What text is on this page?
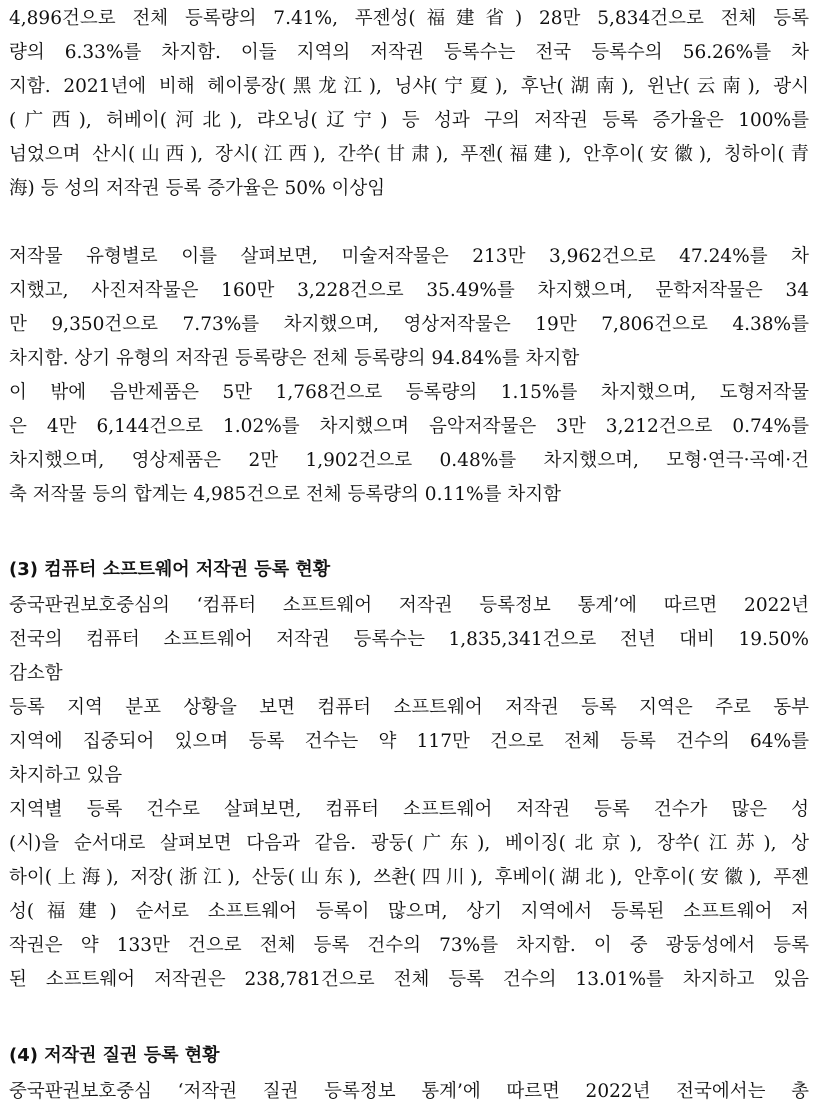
4,896건으로 전체 등록량의 7.41%, 푸젠성(福建省) 28만 5,834건으로 전체 등록
량의 6.33%를 차지함. 이들 지역의 저작권 등록수는 전국 등록수의 56.26%를 차
지함. 2021년에 비해 헤이룽장(黑龙江), 닝샤(宁夏), 후난(湖南), 윈난(云南), 광시
(广西), 허베이(河北), 랴오닝(辽宁) 등 성과 구의 저작권 등록 증가율은 100%를
넘었으며 산시(山西), 장시(江西), 간쑤(甘肃), 푸젠(福建), 안후이(安徽), 칭하이(青
海) 등 성의 저작권 등록 증가율은 50% 이상임
저작물 유형별로 이를 살펴보면, 미술저작물은 213만 3,962건으로 47.24%를 차
지했고, 사진저작물은 160만 3,228건으로 35.49%를 차지했으며, 문학저작물은 34
만 9,350건으로 7.73%를 차지했으며, 영상저작물은 19만 7,806건으로 4.38%를
차지함. 상기 유형의 저작권 등록량은 전체 등록량의 94.84%를 차지함
이 밖에 음반제품은 5만 1,768건으로 등록량의 1.15%를 차지했으며, 도형저작물
은 4만 6,144건으로 1.02%를 차지했으며 음악저작물은 3만 3,212건으로 0.74%를
차지했으며, 영상제품은 2만 1,902건으로 0.48%를 차지했으며, 모형·연극·곡예·건
축 저작물 등의 합계는 4,985건으로 전체 등록량의 0.11%를 차지함
(3) 컴퓨터 소프트웨어 저작권 등록 현황
중국판권보호중심의 ‘컴퓨터 소프트웨어 저작권 등록정보 통계’에 따르면 2022년
전국의 컴퓨터 소프트웨어 저작권 등록수는 1,835,341건으로 전년 대비 19.50%
감소함
등록 지역 분포 상황을 보면 컴퓨터 소프트웨어 저작권 등록 지역은 주로 동부
지역에 집중되어 있으며 등록 건수는 약 117만 건으로 전체 등록 건수의 64%를
차지하고 있음
지역별 등록 건수로 살펴보면, 컴퓨터 소프트웨어 저작권 등록 건수가 많은 성
(시)을 순서대로 살펴보면 다음과 같음. 광둥(广东), 베이징(北京), 장쑤(江苏), 상
하이(上海), 저장(浙江), 산둥(山东), 쓰촨(四川), 후베이(湖北), 안후이(安徽), 푸젠
성(福建) 순서로 소프트웨어 등록이 많으며, 상기 지역에서 등록된 소프트웨어 저
작권은 약 133만 건으로 전체 등록 건수의 73%를 차지함. 이 중 광둥성에서 등록
된 소프트웨어 저작권은 238,781건으로 전체 등록 건수의 13.01%를 차지하고 있음
(4) 저작권 질권 등록 현황
중국판권보호중심 ‘저작권 질권 등록정보 통계’에 따르면 2022년 전국에서는 총
